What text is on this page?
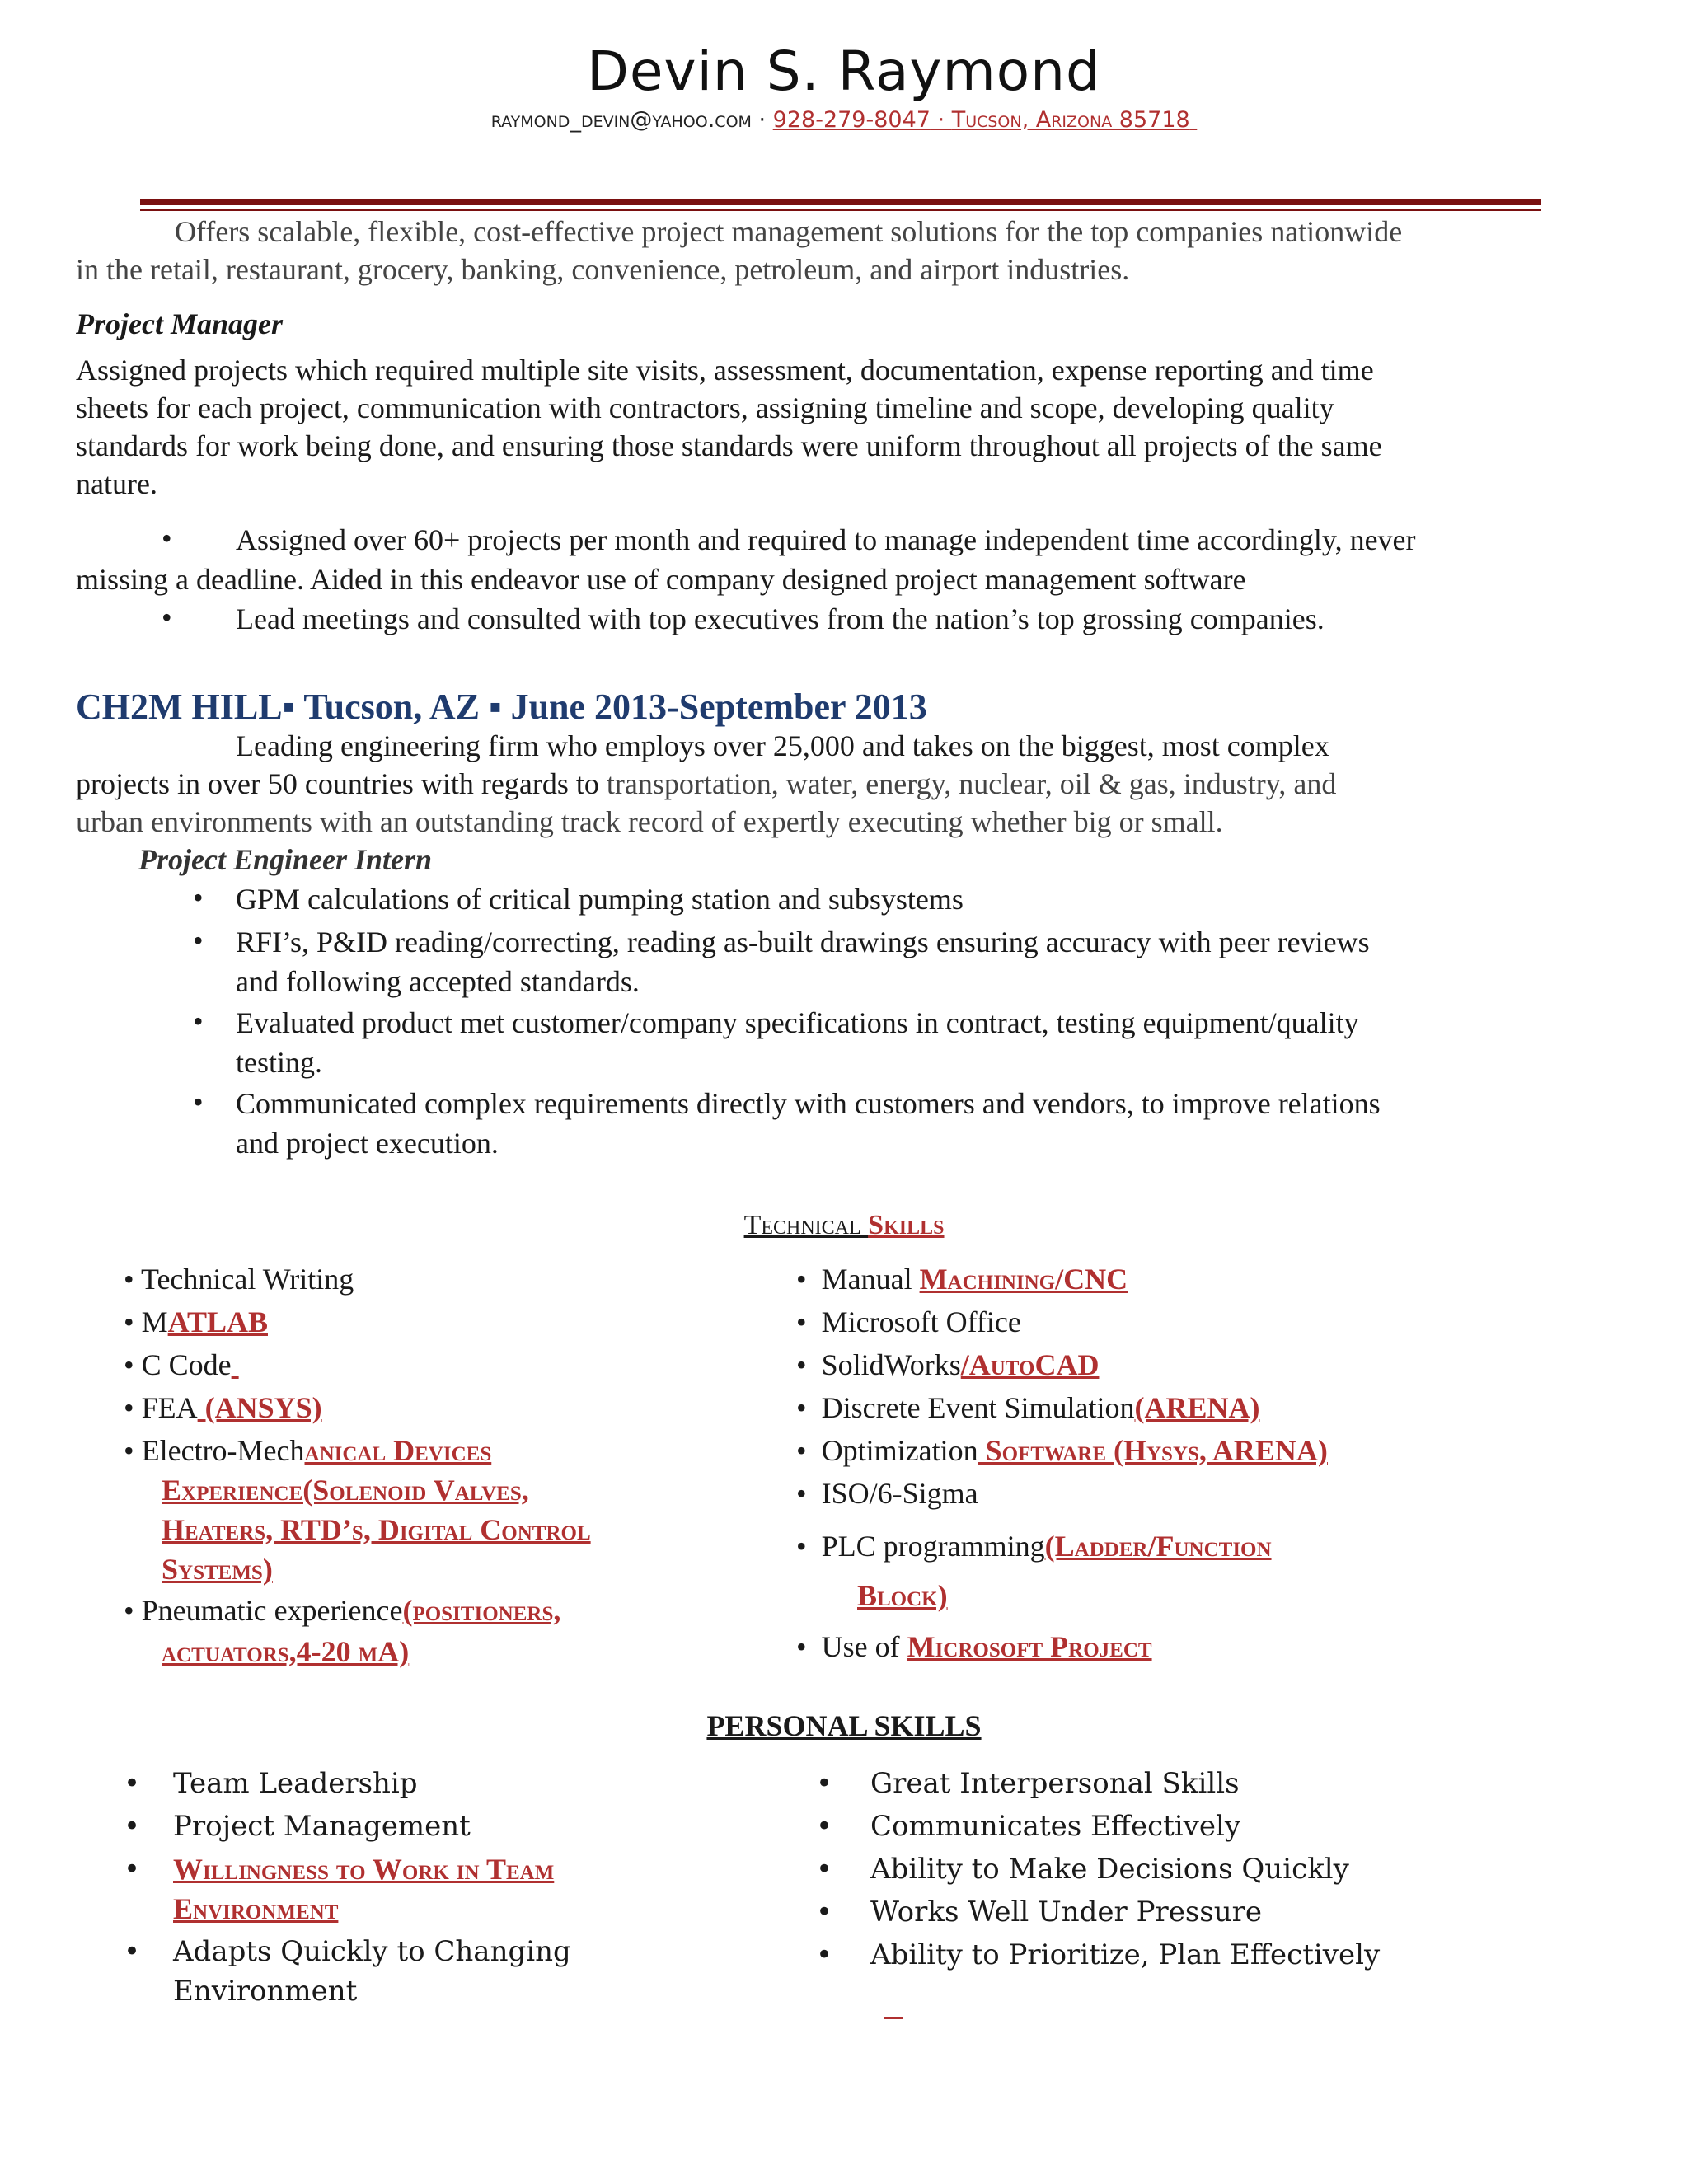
Devin S. Raymond
raymond_devin@yahoo.com · 928-279-8047 · Tucson, Arizona 85718
Offers scalable, flexible, cost-effective project management solutions for the top companies nationwide
in the retail, restaurant, grocery, banking, convenience, petroleum, and airport industries.
Project Manager
Assigned projects which required multiple site visits, assessment, documentation, expense reporting and time
sheets for each project, communication with contractors, assigning timeline and scope, developing quality
standards for work being done, and ensuring those standards were uniform throughout all projects of the same
nature.
• Assigned over 60+ projects per month and required to manage independent time accordingly, never
missing a deadline. Aided in this endeavor use of company designed project management software
• Lead meetings and consulted with top executives from the nation’s top grossing companies.
CH2M HILL▪ Tucson, AZ ▪ June 2013-September 2013
Leading engineering firm who employs over 25,000 and takes on the biggest, most complex
projects in over 50 countries with regards to transportation, water, energy, nuclear, oil & gas, industry, and
urban environments with an outstanding track record of expertly executing whether big or small.
Project Engineer Intern
• GPM calculations of critical pumping station and subsystems
• RFI’s, P&ID reading/correcting, reading as-built drawings ensuring accuracy with peer reviews
and following accepted standards.
• Evaluated product met customer/company specifications in contract, testing equipment/quality
testing.
• Communicated complex requirements directly with customers and vendors, to improve relations
and project execution.
Technical Skills
• Technical Writing
• MATLAB
• C Code
• FEA (ANSYS)
• Electro-Mechanical Devices
Experience(Solenoid Valves,
Heaters, RTD’s, Digital Control
Systems)
• Pneumatic experience(positioners,
actuators,4-20 mA)
• Manual Machining/CNC
• Microsoft Office
• SolidWorks/AutoCAD
• Discrete Event Simulation(ARENA)
• Optimization Software (Hysys, ARENA)
• ISO/6-Sigma
• PLC programming(Ladder/Function
Block)
• Use of Microsoft Project
PERSONAL SKILLS
• Team Leadership
• Project Management
• Willingness to Work in Team
Environment
• Adapts Quickly to Changing
Environment
• Great Interpersonal Skills
• Communicates Effectively
• Ability to Make Decisions Quickly
• Works Well Under Pressure
• Ability to Prioritize, Plan Effectively
